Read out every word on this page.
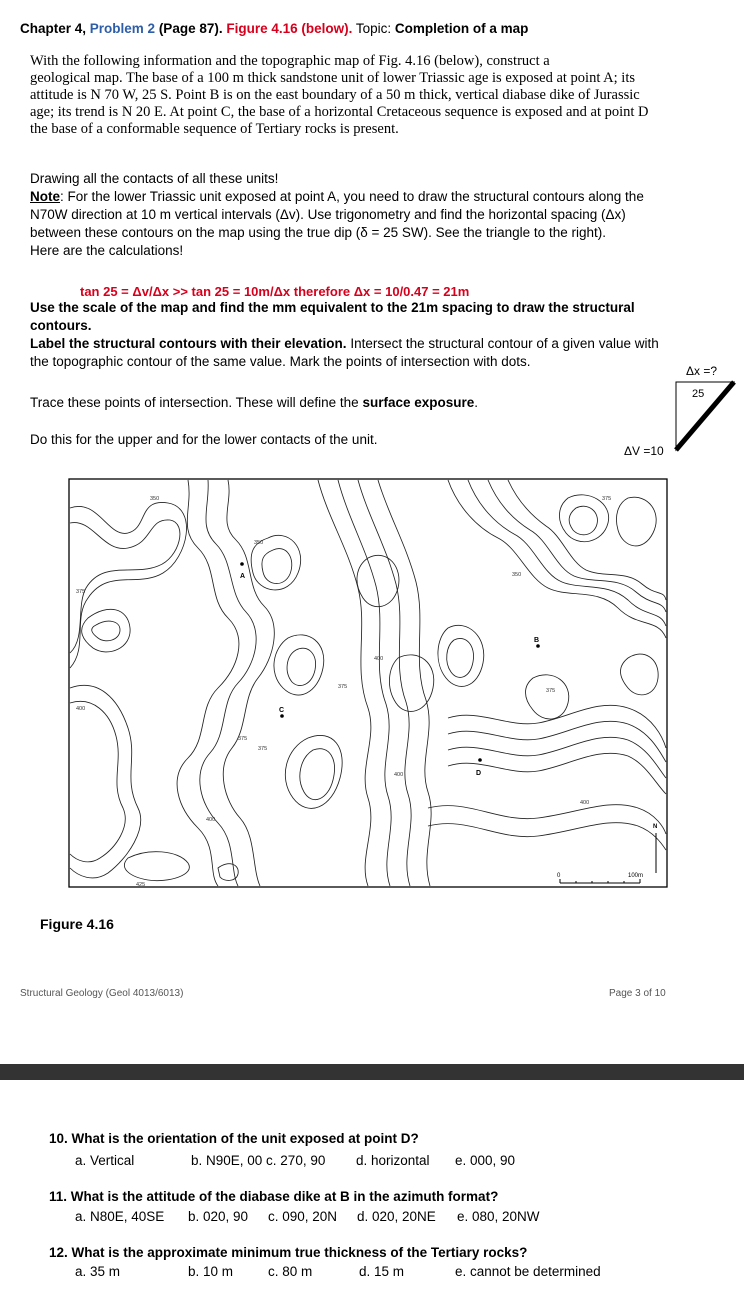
Chapter 4, Problem 2 (Page 87). Figure 4.16 (below). Topic: Completion of a map
With the following information and the topographic map of Fig. 4.16 (below), construct a
geological map. The base of a 100 m thick sandstone unit of lower Triassic age is exposed at point A; its
attitude is N 70 W, 25 S. Point B is on the east boundary of a 50 m thick, vertical diabase dike of Jurassic
age; its trend is N 20 E. At point C, the base of a horizontal Cretaceous sequence is exposed and at point D
the base of a conformable sequence of Tertiary rocks is present.
Drawing all the contacts of all these units!
Note: For the lower Triassic unit exposed at point A, you need to draw the structural contours along the
N70W direction at 10 m vertical intervals (Δv). Use trigonometry and find the horizontal spacing (Δx)
between these contours on the map using the true dip (δ = 25 SW). See the triangle to the right).
Here are the calculations!
tan 25 = Δv/Δx >> tan 25 = 10m/Δx therefore Δx = 10/0.47 = 21m
Use the scale of the map and find the mm equivalent to the 21m spacing to draw the structural
contours.
Label the structural contours with their elevation. Intersect the structural contour of a given value with
the topographic contour of the same value. Mark the points of intersection with dots.
Trace these points of intersection. These will define the surface exposure.
Do this for the upper and for the lower contacts of the unit.
Δx =?
25
ΔV =10
A
B
C
D
350
350
375
375
400
400
375
375
350
400
400
375
400
375
425
0	100m
N
Figure 4.16
Structural Geology (Geol 4013/6013)	Page 3 of 10
10. What is the orientation of the unit exposed at point D?
a. Vertical	b. N90E, 00 c. 270, 90 d. horizontal e. 000, 90
11. What is the attitude of the diabase dike at B in the azimuth format?
a. N80E, 40SE b. 020, 90 c. 090, 20N d. 020, 20NE e. 080, 20NW
12. What is the approximate minimum true thickness of the Tertiary rocks?
a. 35 m	b. 10 m	c. 80 m	d. 15 m	e. cannot be determined
